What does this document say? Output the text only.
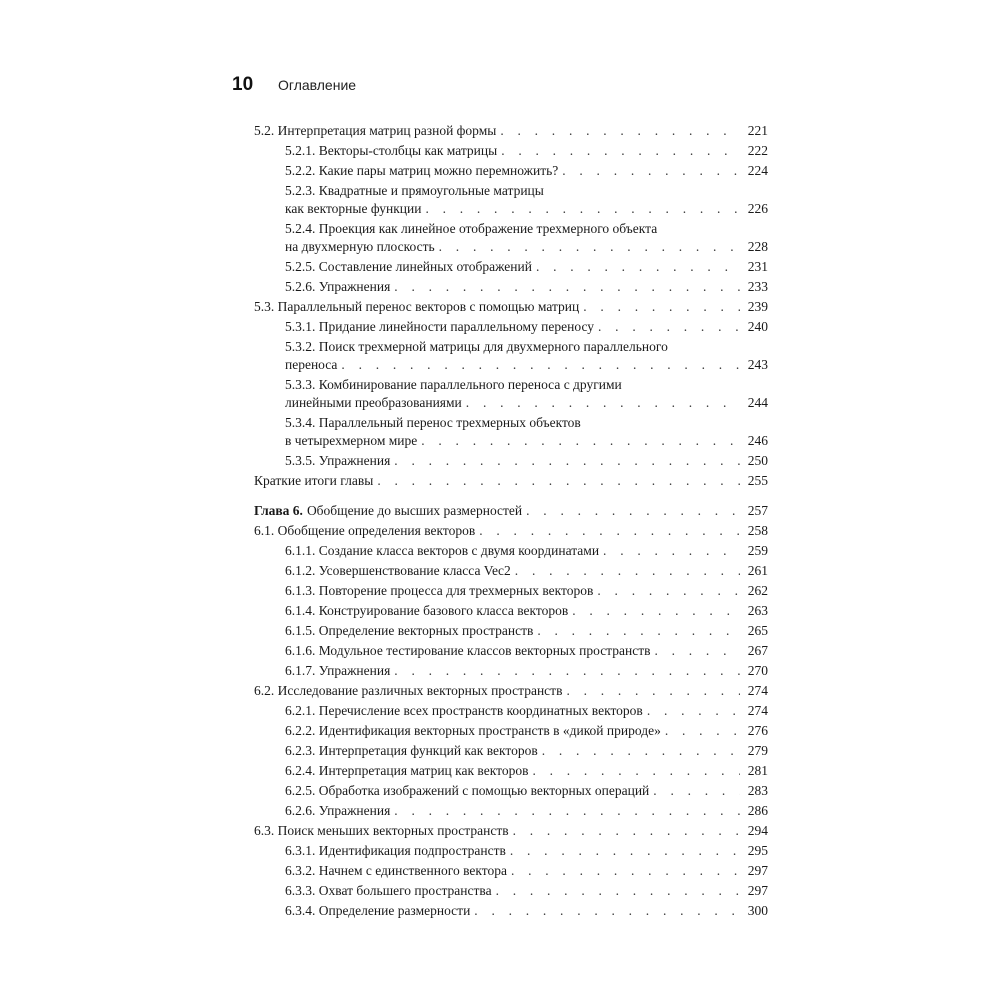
10	Оглавление
5.2. Интерпретация матриц разной формы . . .	221
5.2.1. Векторы-столбцы как матрицы . . .	222
5.2.2. Какие пары матриц можно перемножить? . . .	224
5.2.3. Квадратные и прямоугольные матрицы
как векторные функции . . .	226
5.2.4. Проекция как линейное отображение трехмерного объекта
на двухмерную плоскость . . .	228
5.2.5. Составление линейных отображений . . .	231
5.2.6. Упражнения . . .	233
5.3. Параллельный перенос векторов с помощью матриц . . .	239
5.3.1. Придание линейности параллельному переносу . . .	240
5.3.2. Поиск трехмерной матрицы для двухмерного параллельного
переноса . . .	243
5.3.3. Комбинирование параллельного переноса с другими
линейными преобразованиями . . .	244
5.3.4. Параллельный перенос трехмерных объектов
в четырехмерном мире . . .	246
5.3.5. Упражнения . . .	250
Краткие итоги главы . . .	255
Глава 6. Обобщение до высших размерностей . . .	257
6.1. Обобщение определения векторов . . .	258
6.1.1. Создание класса векторов с двумя координатами . . .	259
6.1.2. Усовершенствование класса Vec2 . . .	261
6.1.3. Повторение процесса для трехмерных векторов . . .	262
6.1.4. Конструирование базового класса векторов . . .	263
6.1.5. Определение векторных пространств . . .	265
6.1.6. Модульное тестирование классов векторных пространств . . .	267
6.1.7. Упражнения . . .	270
6.2. Исследование различных векторных пространств . . .	274
6.2.1. Перечисление всех пространств координатных векторов . . .	274
6.2.2. Идентификация векторных пространств в «дикой природе» . . .	276
6.2.3. Интерпретация функций как векторов . . .	279
6.2.4. Интерпретация матриц как векторов . . .	281
6.2.5. Обработка изображений с помощью векторных операций . . .	283
6.2.6. Упражнения . . .	286
6.3. Поиск меньших векторных пространств . . .	294
6.3.1. Идентификация подпространств . . .	295
6.3.2. Начнем с единственного вектора . . .	297
6.3.3. Охват большего пространства . . .	297
6.3.4. Определение размерности . . .	300
